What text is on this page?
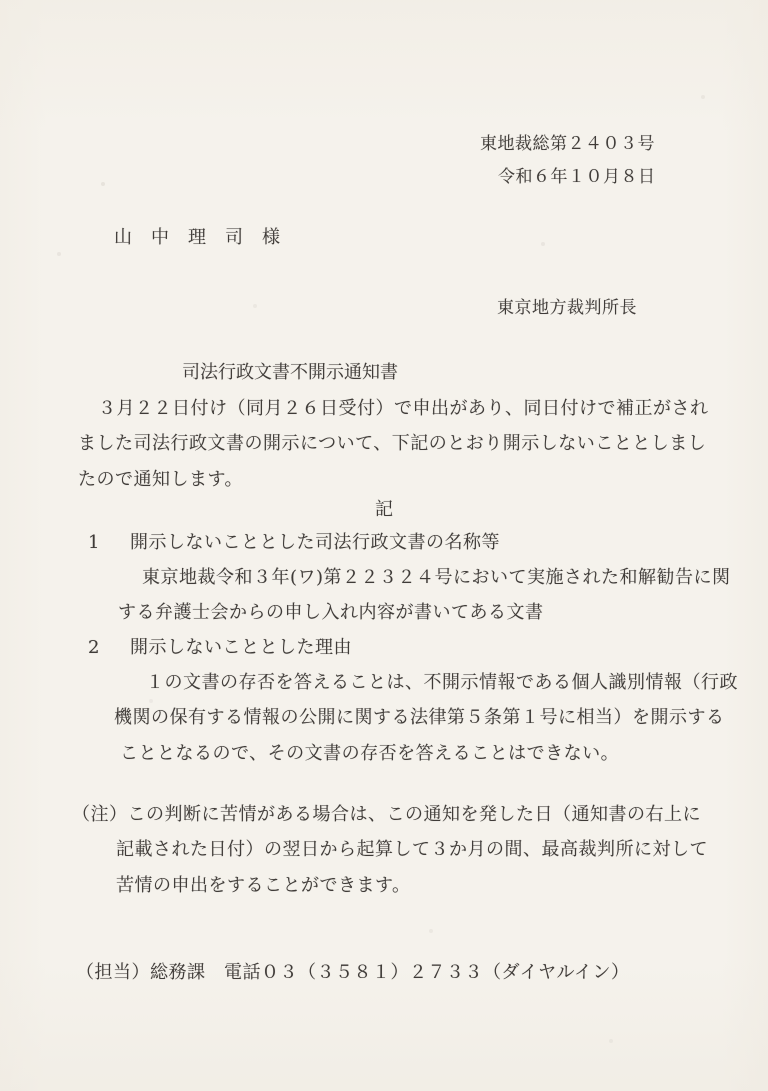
東地裁総第２４０３号
令和６年１０月８日
山　中　理　司　様
東京地方裁判所長
司法行政文書不開示通知書
３月２２日付け（同月２６日受付）で申出があり、同日付けで補正がされ
ました司法行政文書の開示について、下記のとおり開示しないこととしまし
たので通知します。
記
1 開示しないこととした司法行政文書の名称等
東京地裁令和３年(ワ)第２２３２４号において実施された和解勧告に関
する弁護士会からの申し入れ内容が書いてある文書
2 開示しないこととした理由
１の文書の存否を答えることは、不開示情報である個人識別情報（行政
機関の保有する情報の公開に関する法律第５条第１号に相当）を開示する
こととなるので、その文書の存否を答えることはできない。
（注）この判断に苦情がある場合は、この通知を発した日（通知書の右上に
記載された日付）の翌日から起算して３か月の間、最高裁判所に対して
苦情の申出をすることができます。
（担当）総務課　電話０３（３５８１）２７３３（ダイヤルイン）
